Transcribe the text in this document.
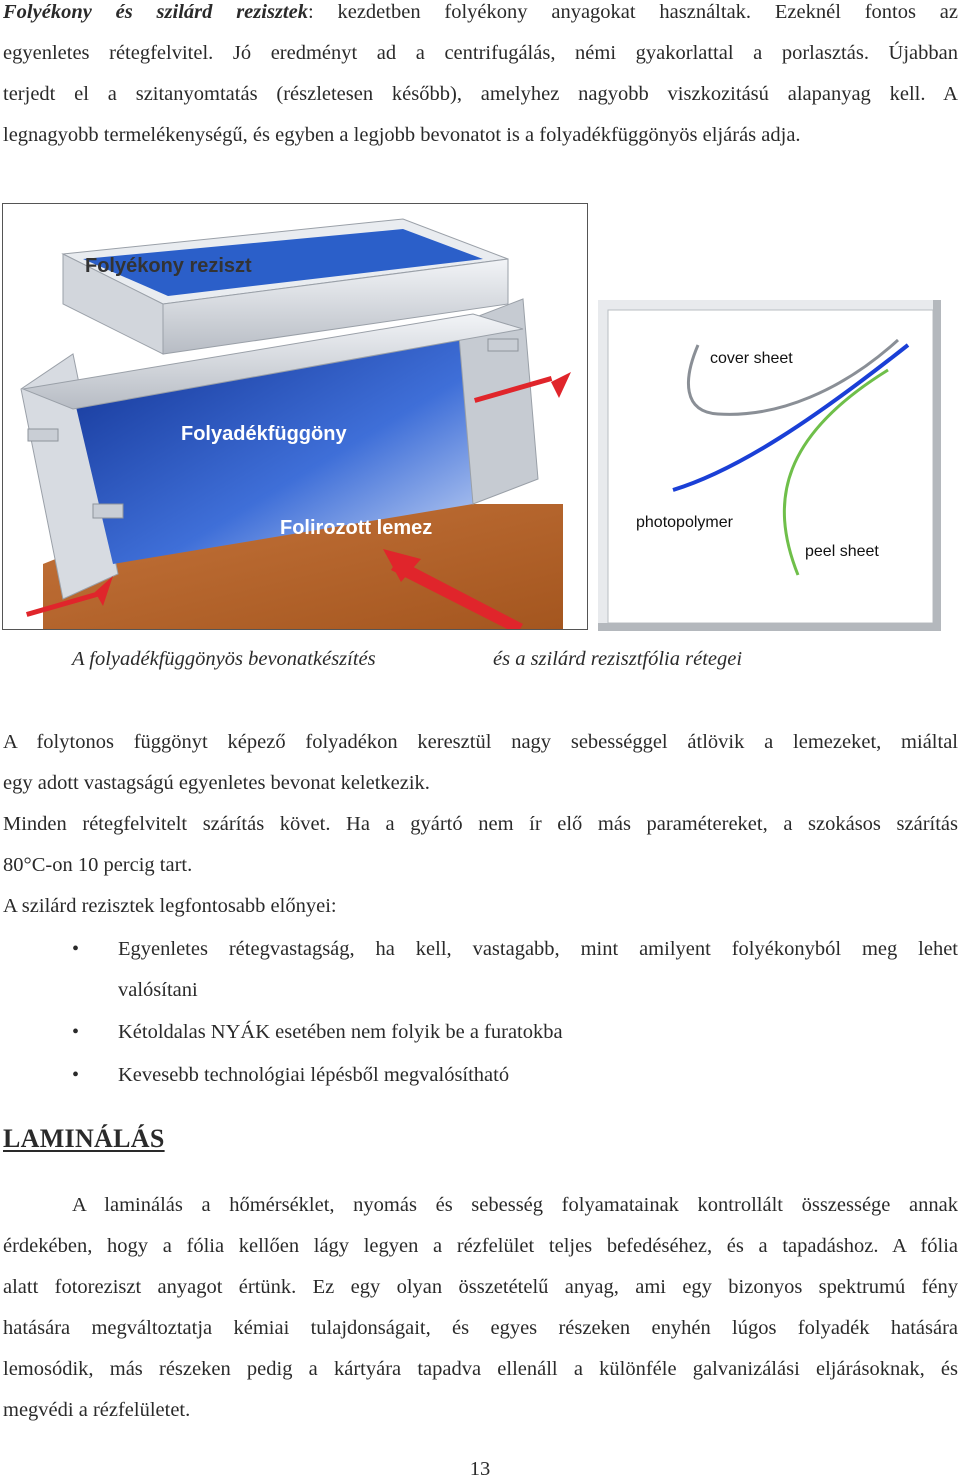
Folyékony és szilárd rezisztek: kezdetben folyékony anyagokat használtak. Ezeknél fontos az
egyenletes rétegfelvitel. Jó eredményt ad a centrifugálás, némi gyakorlattal a porlasztás. Újabban
terjedt el a szitanyomtatás (részletesen később), amelyhez nagyobb viszkozitású alapanyag kell. A
legnagyobb termelékenységű, és egyben a legjobb bevonatot is a folyadékfüggönyös eljárás adja.
Folyékony reziszt
Folyadékfüggöny
Folirozott lemez
cover sheet
photopolymer
peel sheet
A folyadékfüggönyös bevonatkészítés	és a szilárd rezisztfólia rétegei
A folytonos függönyt képező folyadékon keresztül nagy sebességgel átlövik a lemezeket, miáltal
egy adott vastagságú egyenletes bevonat keletkezik.
Minden rétegfelvitelt szárítás követ. Ha a gyártó nem ír elő más paramétereket, a szokásos szárítás
80°C-on 10 percig tart.
A szilárd rezisztek legfontosabb előnyei:
• Egyenletes rétegvastagság, ha kell, vastagabb, mint amilyent folyékonyból meg lehet
valósítani
• Kétoldalas NYÁK esetében nem folyik be a furatokba
• Kevesebb technológiai lépésből megvalósítható
LAMINÁLÁS
A laminálás a hőmérséklet, nyomás és sebesség folyamatainak kontrollált összessége annak
érdekében, hogy a fólia kellően lágy legyen a rézfelület teljes befedéséhez, és a tapadáshoz. A fólia
alatt fotoreziszt anyagot értünk. Ez egy olyan összetételű anyag, ami egy bizonyos spektrumú fény
hatására megváltoztatja kémiai tulajdonságait, és egyes részeken enyhén lúgos folyadék hatására
lemosódik, más részeken pedig a kártyára tapadva ellenáll a különféle galvanizálási eljárásoknak, és
megvédi a rézfelületet.
13
